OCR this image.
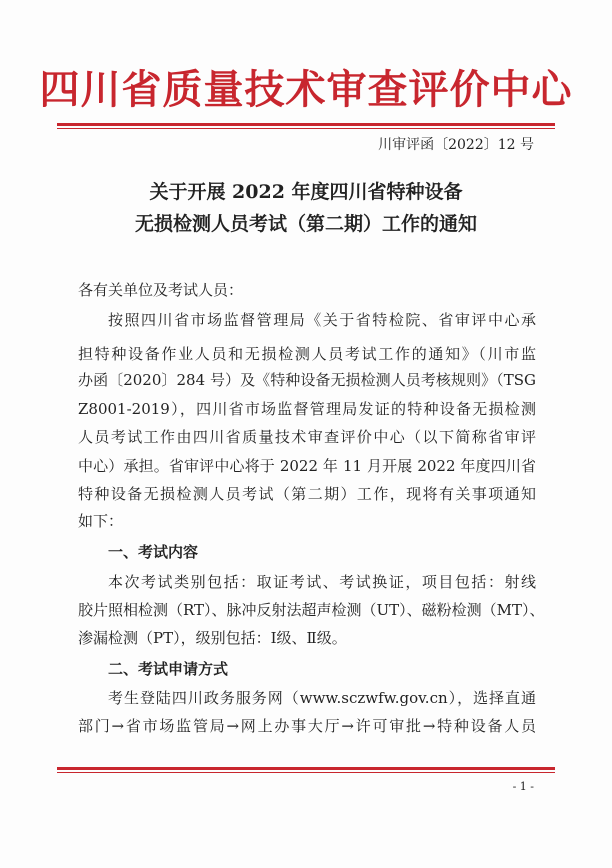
四川省质量技术审查评价中心
川审评函〔2022〕12 号
关于开展 2022 年度四川省特种设备
无损检测人员考试（第二期）工作的通知
各有关单位及考试人员：
按照四川省市场监督管理局《关于省特检院、省审评中心承
担特种设备作业人员和无损检测人员考试工作的通知》（川市监
办函〔2020〕284 号）及《特种设备无损检测人员考核规则》（TSG
Z8001-2019），四川省市场监督管理局发证的特种设备无损检测
人员考试工作由四川省质量技术审查评价中心（以下简称省审评
中心）承担。省审评中心将于 2022 年 11 月开展 2022 年度四川省
特种设备无损检测人员考试（第二期）工作，现将有关事项通知
如下：
一、考试内容
本次考试类别包括：取证考试、考试换证，项目包括：射线
胶片照相检测（RT）、脉冲反射法超声检测（UT）、磁粉检测（MT）、
渗漏检测（PT），级别包括：Ⅰ级、Ⅱ级。
二、考试申请方式
考生登陆四川政务服务网（www.sczwfw.gov.cn），选择直通
部门→省市场监管局→网上办事大厅→许可审批→特种设备人员
- 1 -
